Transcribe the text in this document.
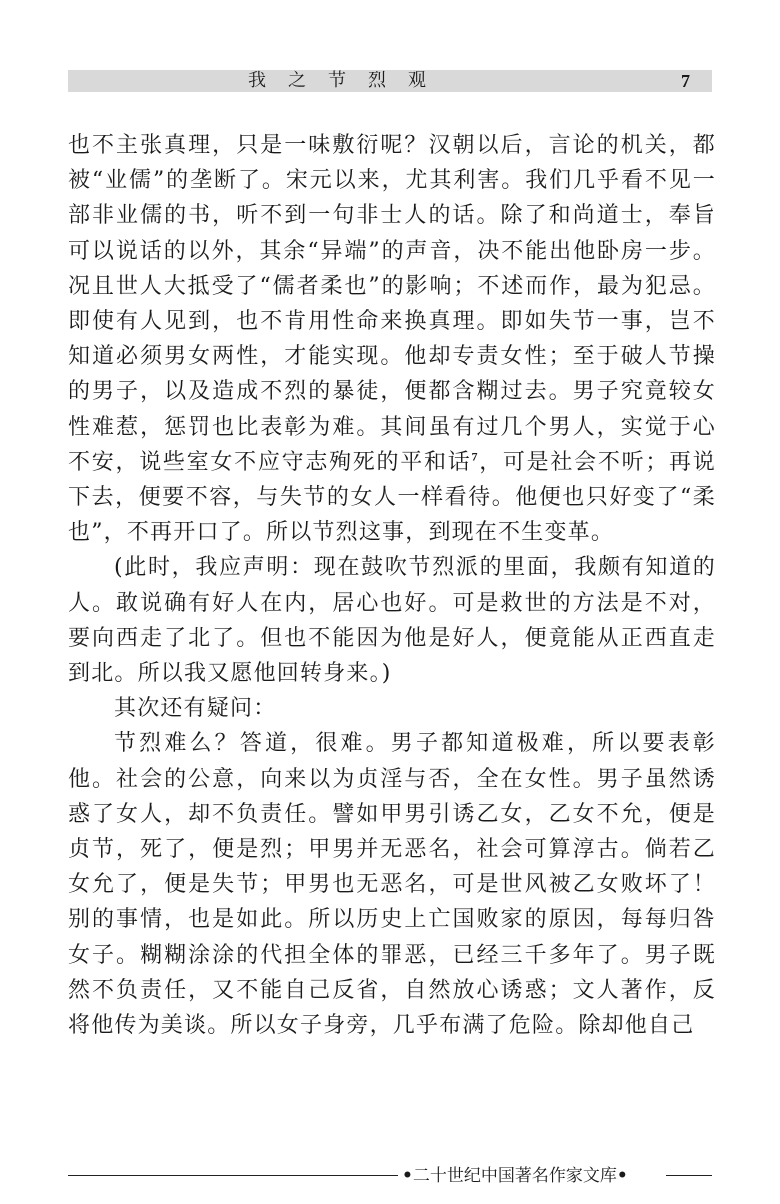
我之节烈观	7

也不主张真理，只是一味敷衍呢？汉朝以后，言论的机关，都被“业儒”的垄断了。宋元以来，尤其利害。我们几乎看不见一部非业儒的书，听不到一句非士人的话。除了和尚道士，奉旨可以说话的以外，其余“异端”的声音，决不能出他卧房一步。况且世人大抵受了“儒者柔也”的影响；不述而作，最为犯忌。即使有人见到，也不肯用性命来换真理。即如失节一事，岂不知道必须男女两性，才能实现。他却专责女性；至于破人节操的男子，以及造成不烈的暴徒，便都含糊过去。男子究竟较女性难惹，惩罚也比表彰为难。其间虽有过几个男人，实觉于心不安，说些室女不应守志殉死的平和话$^7$，可是社会不听；再说下去，便要不容，与失节的女人一样看待。他便也只好变了“柔也”，不再开口了。所以节烈这事，到现在不生变革。

(此时，我应声明：现在鼓吹节烈派的里面，我颇有知道的人。敢说确有好人在内，居心也好。可是救世的方法是不对，要向西走了北了。但也不能因为他是好人，便竟能从正西直走到北。所以我又愿他回转身来。)

其次还有疑问：

节烈难么？答道，很难。男子都知道极难，所以要表彰他。社会的公意，向来以为贞淫与否，全在女性。男子虽然诱惑了女人，却不负责任。譬如甲男引诱乙女，乙女不允，便是贞节，死了，便是烈；甲男并无恶名，社会可算淳古。倘若乙女允了，便是失节；甲男也无恶名，可是世风被乙女败坏了！别的事情，也是如此。所以历史上亡国败家的原因，每每归咎女子。糊糊涂涂的代担全体的罪恶，已经三千多年了。男子既然不负责任，又不能自己反省，自然放心诱惑；文人著作，反将他传为美谈。所以女子身旁，几乎布满了危险。除却他自己

•二十世纪中国著名作家文库•
